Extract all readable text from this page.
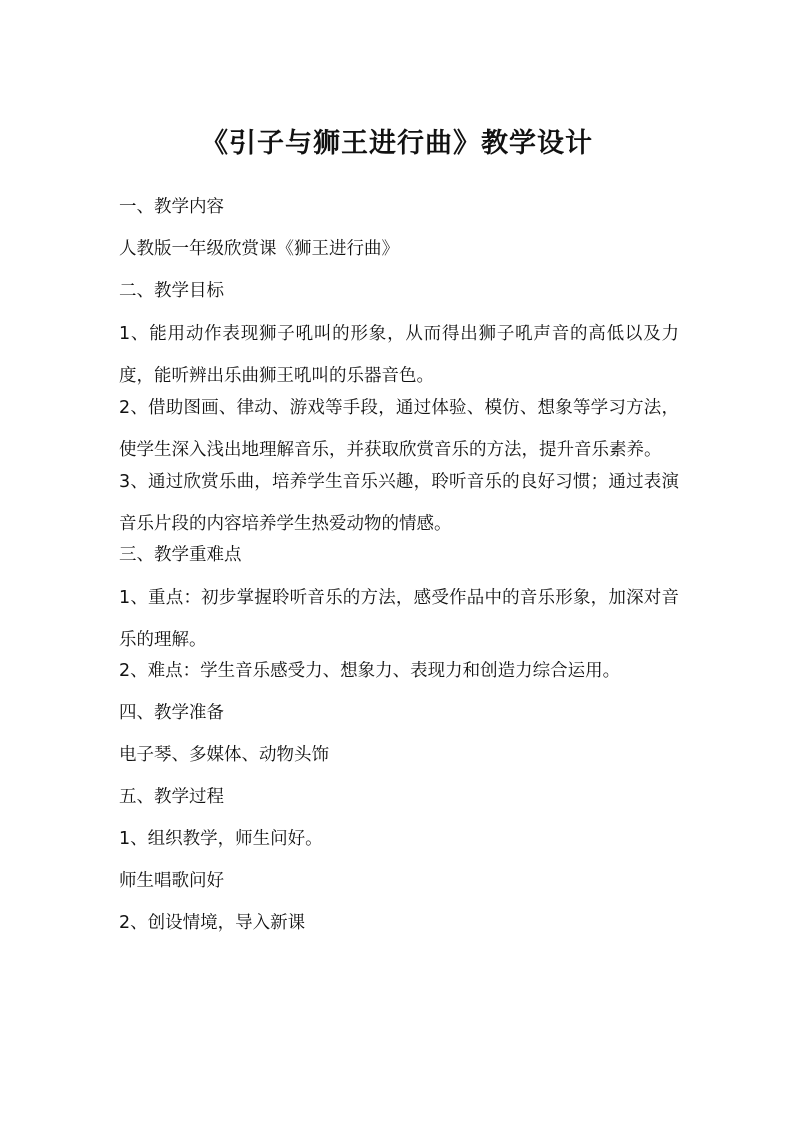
《引子与狮王进行曲》教学设计

一、教学内容

人教版一年级欣赏课《狮王进行曲》

二、教学目标

1、能用动作表现狮子吼叫的形象，从而得出狮子吼声音的高低以及力度，能听辨出乐曲狮王吼叫的乐器音色。

2、借助图画、律动、游戏等手段，通过体验、模仿、想象等学习方法，使学生深入浅出地理解音乐，并获取欣赏音乐的方法，提升音乐素养。

3、通过欣赏乐曲，培养学生音乐兴趣，聆听音乐的良好习惯；通过表演音乐片段的内容培养学生热爱动物的情感。

三、教学重难点

1、重点：初步掌握聆听音乐的方法，感受作品中的音乐形象，加深对音乐的理解。

2、难点：学生音乐感受力、想象力、表现力和创造力综合运用。

四、教学准备

电子琴、多媒体、动物头饰

五、教学过程

1、组织教学，师生问好。

师生唱歌问好

2、创设情境，导入新课
